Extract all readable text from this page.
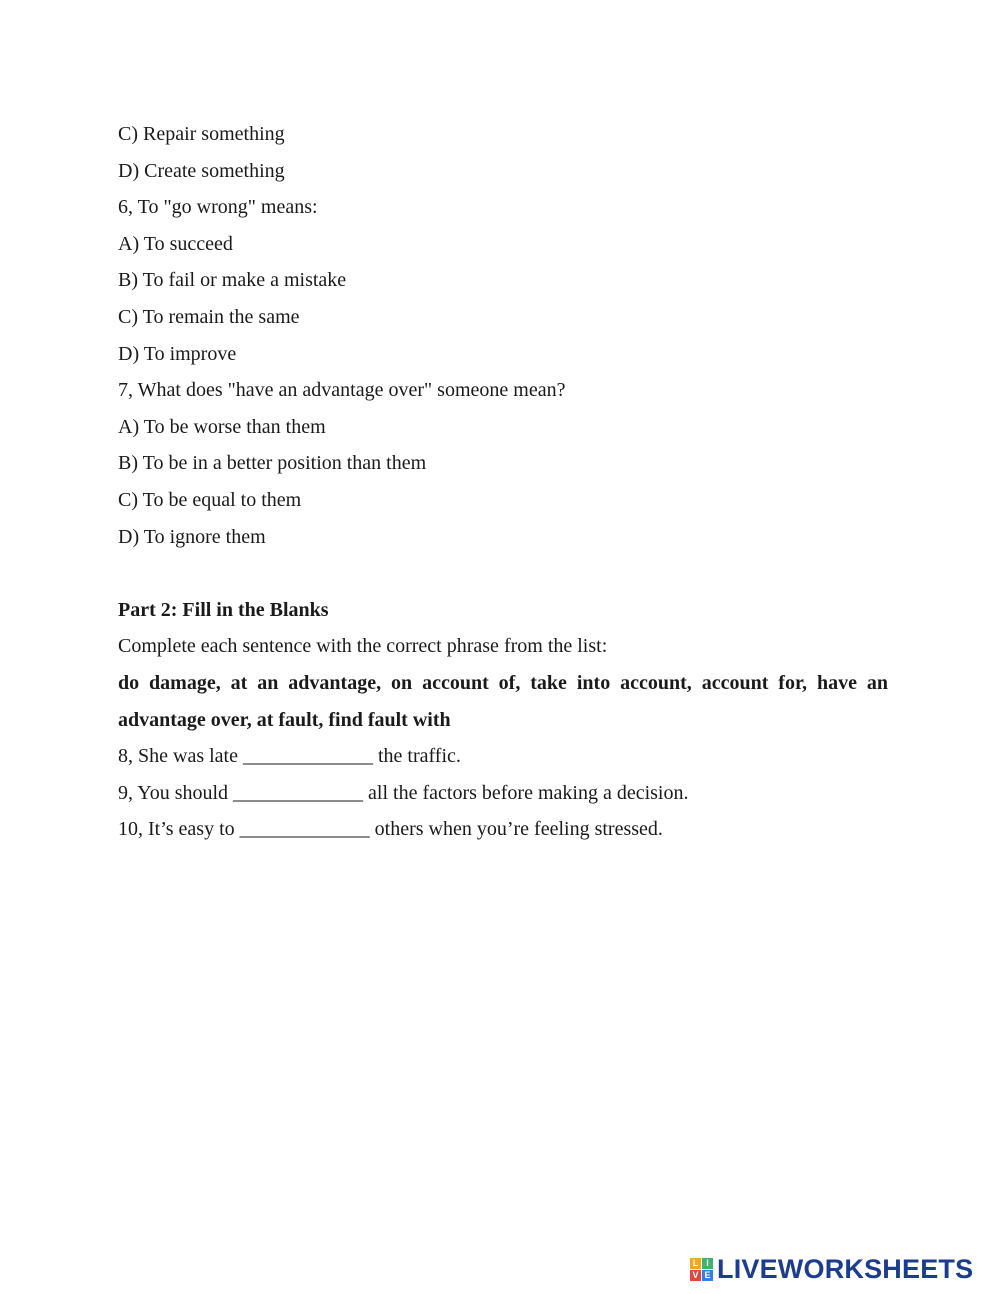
C) Repair something
D) Create something
6, To "go wrong" means:
A) To succeed
B) To fail or make a mistake
C) To remain the same
D) To improve
7, What does "have an advantage over" someone mean?
A) To be worse than them
B) To be in a better position than them
C) To be equal to them
D) To ignore them
Part 2: Fill in the Blanks
Complete each sentence with the correct phrase from the list:
do damage, at an advantage, on account of, take into account, account for, have an
advantage over, at fault, find fault with
8, She was late _____________ the traffic.
9, You should _____________ all the factors before making a decision.
10, It’s easy to _____________ others when you’re feeling stressed.
L I
V E LIVEWORKSHEETS
